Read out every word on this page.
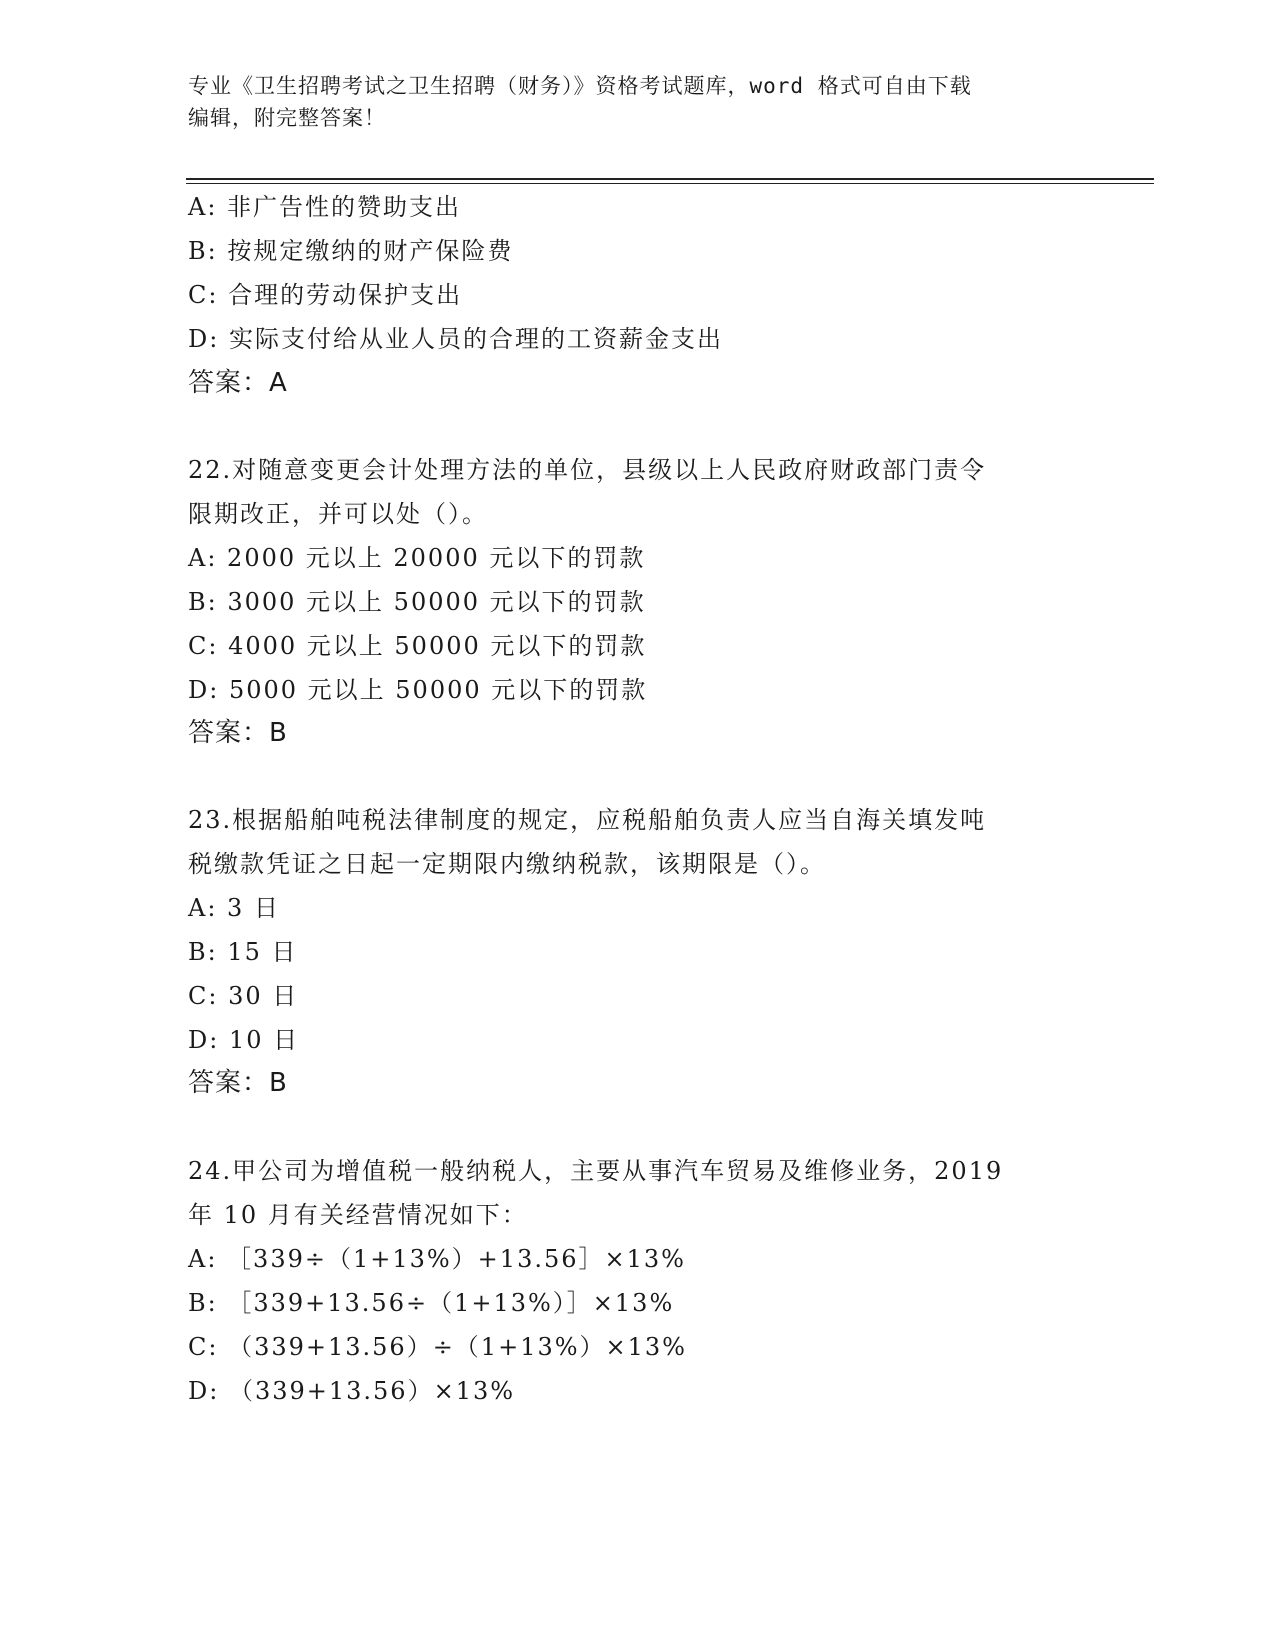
专业《卫生招聘考试之卫生招聘（财务）》资格考试题库，word 格式可自由下载
编辑，附完整答案！
A: 非广告性的赞助支出
B: 按规定缴纳的财产保险费
C: 合理的劳动保护支出
D: 实际支付给从业人员的合理的工资薪金支出
答案：A
22.对随意变更会计处理方法的单位，县级以上人民政府财政部门责令
限期改正，并可以处（）。
A: 2000 元以上 20000 元以下的罚款
B: 3000 元以上 50000 元以下的罚款
C: 4000 元以上 50000 元以下的罚款
D: 5000 元以上 50000 元以下的罚款
答案：B
23.根据船舶吨税法律制度的规定，应税船舶负责人应当自海关填发吨
税缴款凭证之日起一定期限内缴纳税款，该期限是（）。
A: 3 日
B: 15 日
C: 30 日
D: 10 日
答案：B
24.甲公司为增值税一般纳税人，主要从事汽车贸易及维修业务，2019
年 10 月有关经营情况如下：
A: ［339÷（1+13%）+13.56］×13%
B: ［339+13.56÷（1+13%）］×13%
C: （339+13.56）÷（1+13%）×13%
D: （339+13.56）×13%
